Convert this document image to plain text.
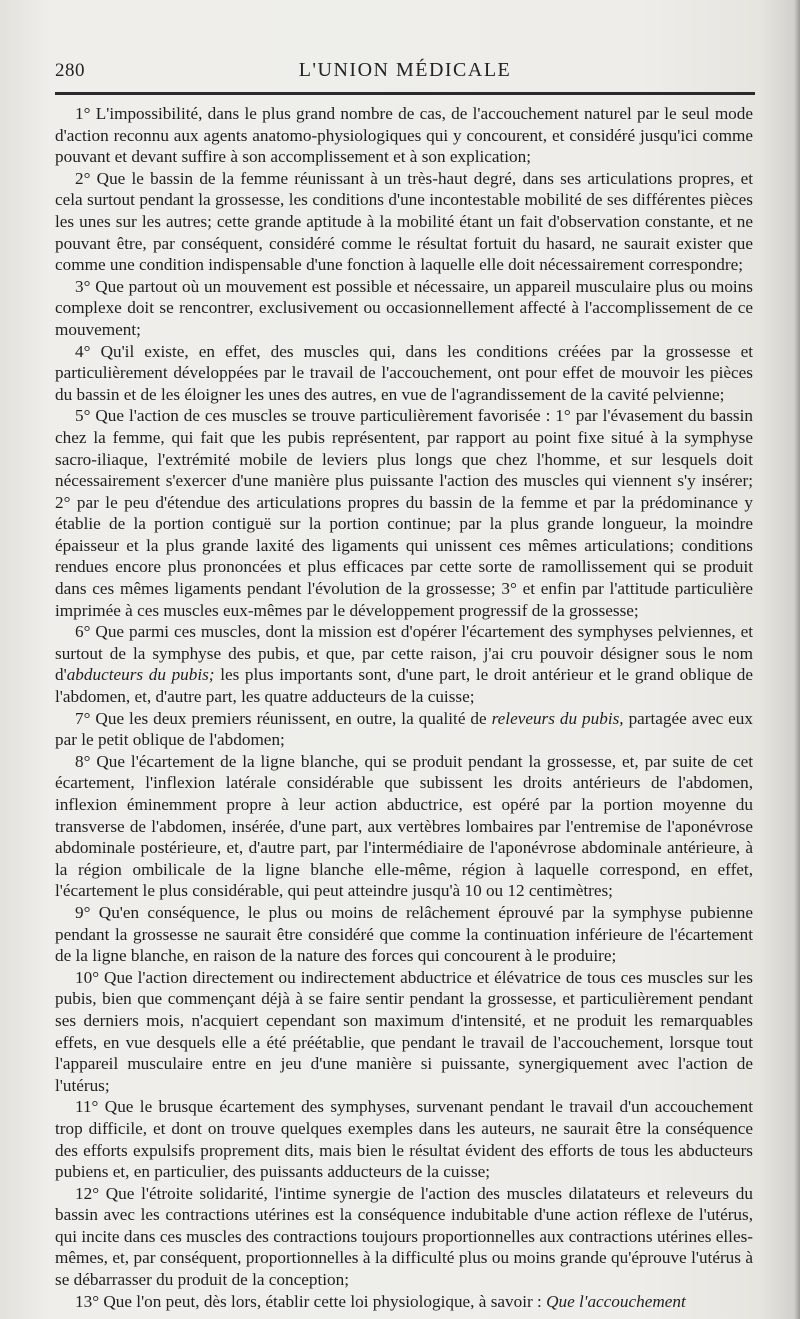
280	L'UNION MÉDICALE

1° L'impossibilité, dans le plus grand nombre de cas, de l'accouchement naturel par le seul mode d'action reconnu aux agents anatomo-physiologiques qui y concourent, et considéré jusqu'ici comme pouvant et devant suffire à son accomplissement et à son explication;

2° Que le bassin de la femme réunissant à un très-haut degré, dans ses articulations propres, et cela surtout pendant la grossesse, les conditions d'une incontestable mobilité de ses différentes pièces les unes sur les autres; cette grande aptitude à la mobilité étant un fait d'observation constante, et ne pouvant être, par conséquent, considéré comme le résultat fortuit du hasard, ne saurait exister que comme une condition indispensable d'une fonction à laquelle elle doit nécessairement correspondre;

3° Que partout où un mouvement est possible et nécessaire, un appareil musculaire plus ou moins complexe doit se rencontrer, exclusivement ou occasionnellement affecté à l'accomplissement de ce mouvement;

4° Qu'il existe, en effet, des muscles qui, dans les conditions créées par la grossesse et particulièrement développées par le travail de l'accouchement, ont pour effet de mouvoir les pièces du bassin et de les éloigner les unes des autres, en vue de l'agrandissement de la cavité pelvienne;

5° Que l'action de ces muscles se trouve particulièrement favorisée : 1° par l'évasement du bassin chez la femme, qui fait que les pubis représentent, par rapport au point fixe situé à la symphyse sacro-iliaque, l'extrémité mobile de leviers plus longs que chez l'homme, et sur lesquels doit nécessairement s'exercer d'une manière plus puissante l'action des muscles qui viennent s'y insérer; 2° par le peu d'étendue des articulations propres du bassin de la femme et par la prédominance y établie de la portion contiguë sur la portion continue; par la plus grande longueur, la moindre épaisseur et la plus grande laxité des ligaments qui unissent ces mêmes articulations; conditions rendues encore plus prononcées et plus efficaces par cette sorte de ramollissement qui se produit dans ces mêmes ligaments pendant l'évolution de la grossesse; 3° et enfin par l'attitude particulière imprimée à ces muscles eux-mêmes par le développement progressif de la grossesse;

6° Que parmi ces muscles, dont la mission est d'opérer l'écartement des symphyses pelviennes, et surtout de la symphyse des pubis, et que, par cette raison, j'ai cru pouvoir désigner sous le nom d'abducteurs du pubis; les plus importants sont, d'une part, le droit antérieur et le grand oblique de l'abdomen, et, d'autre part, les quatre adducteurs de la cuisse;

7° Que les deux premiers réunissent, en outre, la qualité de releveurs du pubis, partagée avec eux par le petit oblique de l'abdomen;

8° Que l'écartement de la ligne blanche, qui se produit pendant la grossesse, et, par suite de cet écartement, l'inflexion latérale considérable que subissent les droits antérieurs de l'abdomen, inflexion éminemment propre à leur action abductrice, est opéré par la portion moyenne du transverse de l'abdomen, insérée, d'une part, aux vertèbres lombaires par l'entremise de l'aponévrose abdominale postérieure, et, d'autre part, par l'intermédiaire de l'aponévrose abdominale antérieure, à la région ombilicale de la ligne blanche elle-même, région à laquelle correspond, en effet, l'écartement le plus considérable, qui peut atteindre jusqu'à 10 ou 12 centimètres;

9° Qu'en conséquence, le plus ou moins de relâchement éprouvé par la symphyse pubienne pendant la grossesse ne saurait être considéré que comme la continuation inférieure de l'écartement de la ligne blanche, en raison de la nature des forces qui concourent à le produire;

10° Que l'action directement ou indirectement abductrice et élévatrice de tous ces muscles sur les pubis, bien que commençant déjà à se faire sentir pendant la grossesse, et particulièrement pendant ses derniers mois, n'acquiert cependant son maximum d'intensité, et ne produit les remarquables effets, en vue desquels elle a été préétablie, que pendant le travail de l'accouchement, lorsque tout l'appareil musculaire entre en jeu d'une manière si puissante, synergiquement avec l'action de l'utérus;

11° Que le brusque écartement des symphyses, survenant pendant le travail d'un accouchement trop difficile, et dont on trouve quelques exemples dans les auteurs, ne saurait être la conséquence des efforts expulsifs proprement dits, mais bien le résultat évident des efforts de tous les abducteurs pubiens et, en particulier, des puissants adducteurs de la cuisse;

12° Que l'étroite solidarité, l'intime synergie de l'action des muscles dilatateurs et releveurs du bassin avec les contractions utérines est la conséquence indubitable d'une action réflexe de l'utérus, qui incite dans ces muscles des contractions toujours proportionnelles aux contractions utérines elles-mêmes, et, par conséquent, proportionnelles à la difficulté plus ou moins grande qu'éprouve l'utérus à se débarrasser du produit de la conception;

13° Que l'on peut, dès lors, établir cette loi physiologique, à savoir : Que l'accouchement
